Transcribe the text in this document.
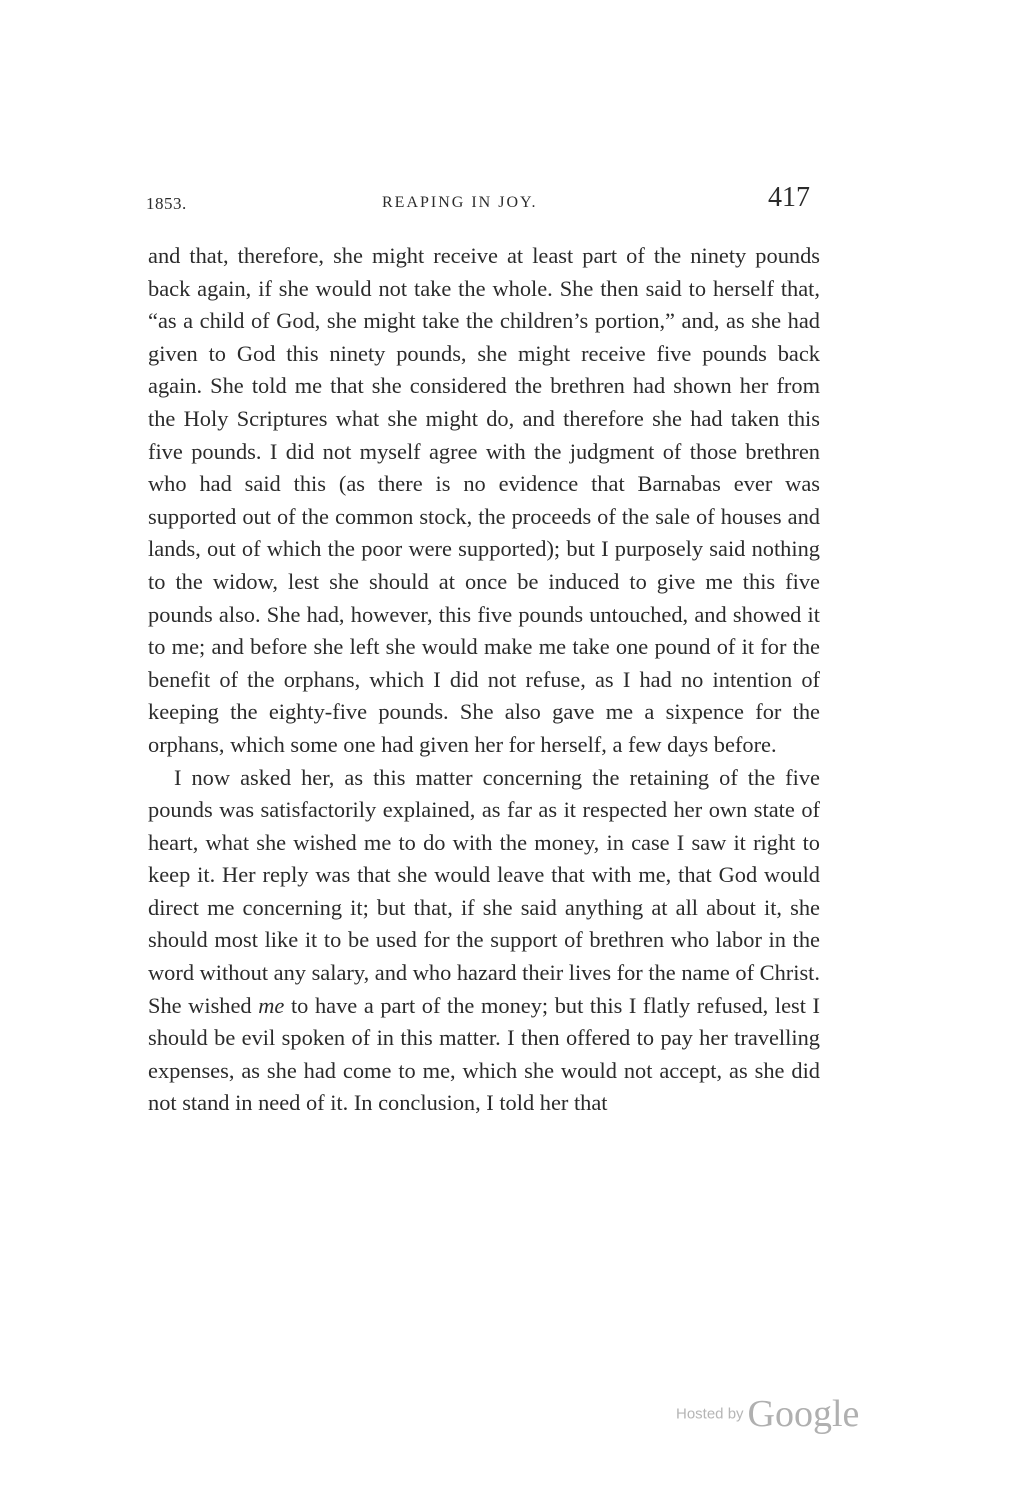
1853.	REAPING IN JOY.	417

and that, therefore, she might receive at least part of the ninety pounds back again, if she would not take the whole. She then said to herself that, “as a child of God, she might take the children’s portion,” and, as she had given to God this ninety pounds, she might receive five pounds back again. She told me that she considered the brethren had shown her from the Holy Scriptures what she might do, and therefore she had taken this five pounds. I did not myself agree with the judgment of those brethren who had said this (as there is no evidence that Barnabas ever was supported out of the common stock, the proceeds of the sale of houses and lands, out of which the poor were supported); but I purposely said nothing to the widow, lest she should at once be induced to give me this five pounds also. She had, however, this five pounds untouched, and showed it to me; and before she left she would make me take one pound of it for the benefit of the orphans, which I did not refuse, as I had no intention of keeping the eighty-five pounds. She also gave me a sixpence for the orphans, which some one had given her for herself, a few days before.

I now asked her, as this matter concerning the retaining of the five pounds was satisfactorily explained, as far as it respected her own state of heart, what she wished me to do with the money, in case I saw it right to keep it. Her reply was that she would leave that with me, that God would direct me concerning it; but that, if she said anything at all about it, she should most like it to be used for the support of brethren who labor in the word without any salary, and who hazard their lives for the name of Christ. She wished me to have a part of the money; but this I flatly refused, lest I should be evil spoken of in this matter. I then offered to pay her travelling expenses, as she had come to me, which she would not accept, as she did not stand in need of it. In conclusion, I told her that

Hosted by Google
